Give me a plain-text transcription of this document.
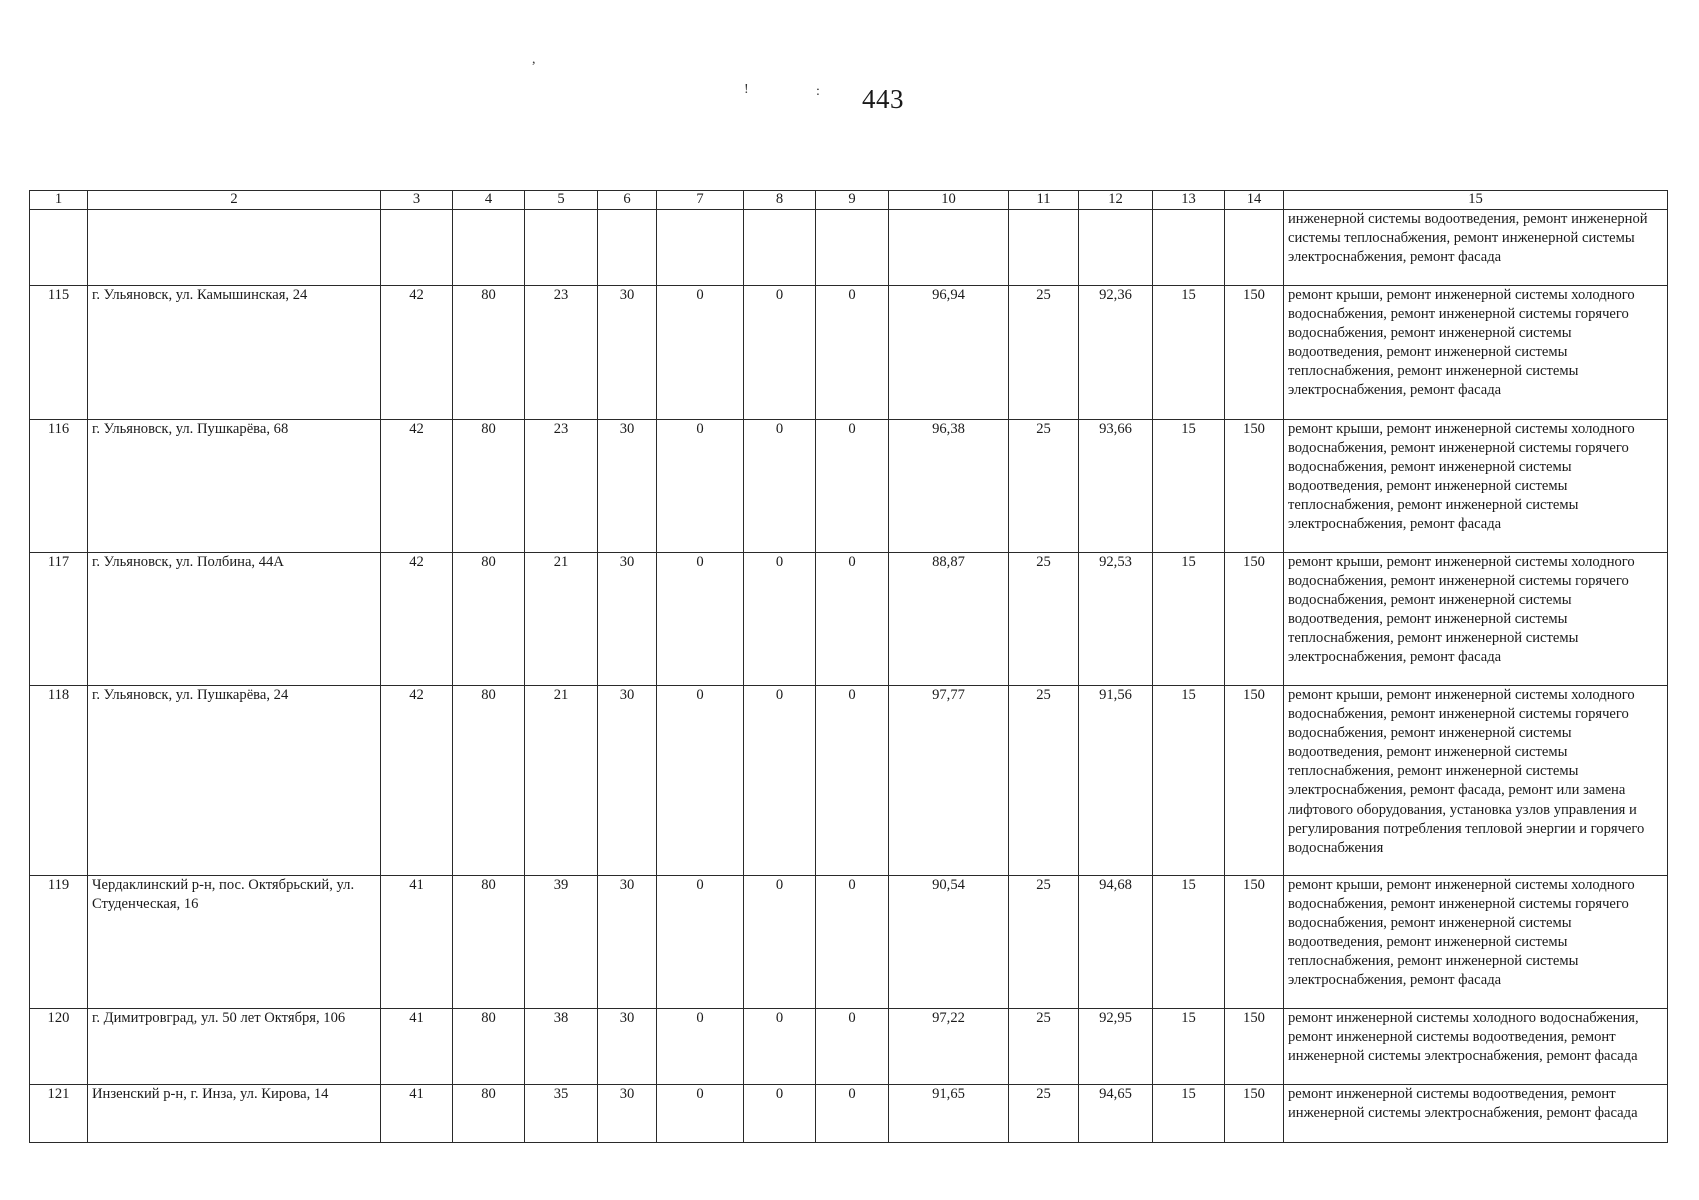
,
!	: 443
1	2	3	4	5	6	7	8	9	10	11	12	13	14	15
														инженерной системы водоотведения, ремонт инженерной системы теплоснабжения, ремонт инженерной системы электроснабжения, ремонт фасада
115	г. Ульяновск, ул. Камышинская, 24	42	80	23	30	0	0	0	96,94	25	92,36	15	150	ремонт крыши, ремонт инженерной системы холодного водоснабжения, ремонт инженерной системы горячего водоснабжения, ремонт инженерной системы водоотведения, ремонт инженерной системы теплоснабжения, ремонт инженерной системы электроснабжения, ремонт фасада
116	г. Ульяновск, ул. Пушкарёва, 68	42	80	23	30	0	0	0	96,38	25	93,66	15	150	ремонт крыши, ремонт инженерной системы холодного водоснабжения, ремонт инженерной системы горячего водоснабжения, ремонт инженерной системы водоотведения, ремонт инженерной системы теплоснабжения, ремонт инженерной системы электроснабжения, ремонт фасада
117	г. Ульяновск, ул. Полбина, 44А	42	80	21	30	0	0	0	88,87	25	92,53	15	150	ремонт крыши, ремонт инженерной системы холодного водоснабжения, ремонт инженерной системы горячего водоснабжения, ремонт инженерной системы водоотведения, ремонт инженерной системы теплоснабжения, ремонт инженерной системы электроснабжения, ремонт фасада
118	г. Ульяновск, ул. Пушкарёва, 24	42	80	21	30	0	0	0	97,77	25	91,56	15	150	ремонт крыши, ремонт инженерной системы холодного водоснабжения, ремонт инженерной системы горячего водоснабжения, ремонт инженерной системы водоотведения, ремонт инженерной системы теплоснабжения, ремонт инженерной системы электроснабжения, ремонт фасада, ремонт или замена лифтового оборудования, установка узлов управления и регулирования потребления тепловой энергии и горячего водоснабжения
119	Чердаклинский р-н, пос. Октябрьский, ул. Студенческая, 16	41	80	39	30	0	0	0	90,54	25	94,68	15	150	ремонт крыши, ремонт инженерной системы холодного водоснабжения, ремонт инженерной системы горячего водоснабжения, ремонт инженерной системы водоотведения, ремонт инженерной системы теплоснабжения, ремонт инженерной системы электроснабжения, ремонт фасада
120	г. Димитровград, ул. 50 лет Октября, 106	41	80	38	30	0	0	0	97,22	25	92,95	15	150	ремонт инженерной системы холодного водоснабжения, ремонт инженерной системы водоотведения, ремонт инженерной системы электроснабжения, ремонт фасада
121	Инзенский р-н, г. Инза, ул. Кирова, 14	41	80	35	30	0	0	0	91,65	25	94,65	15	150	ремонт инженерной системы водоотведения, ремонт инженерной системы электроснабжения, ремонт фасада
